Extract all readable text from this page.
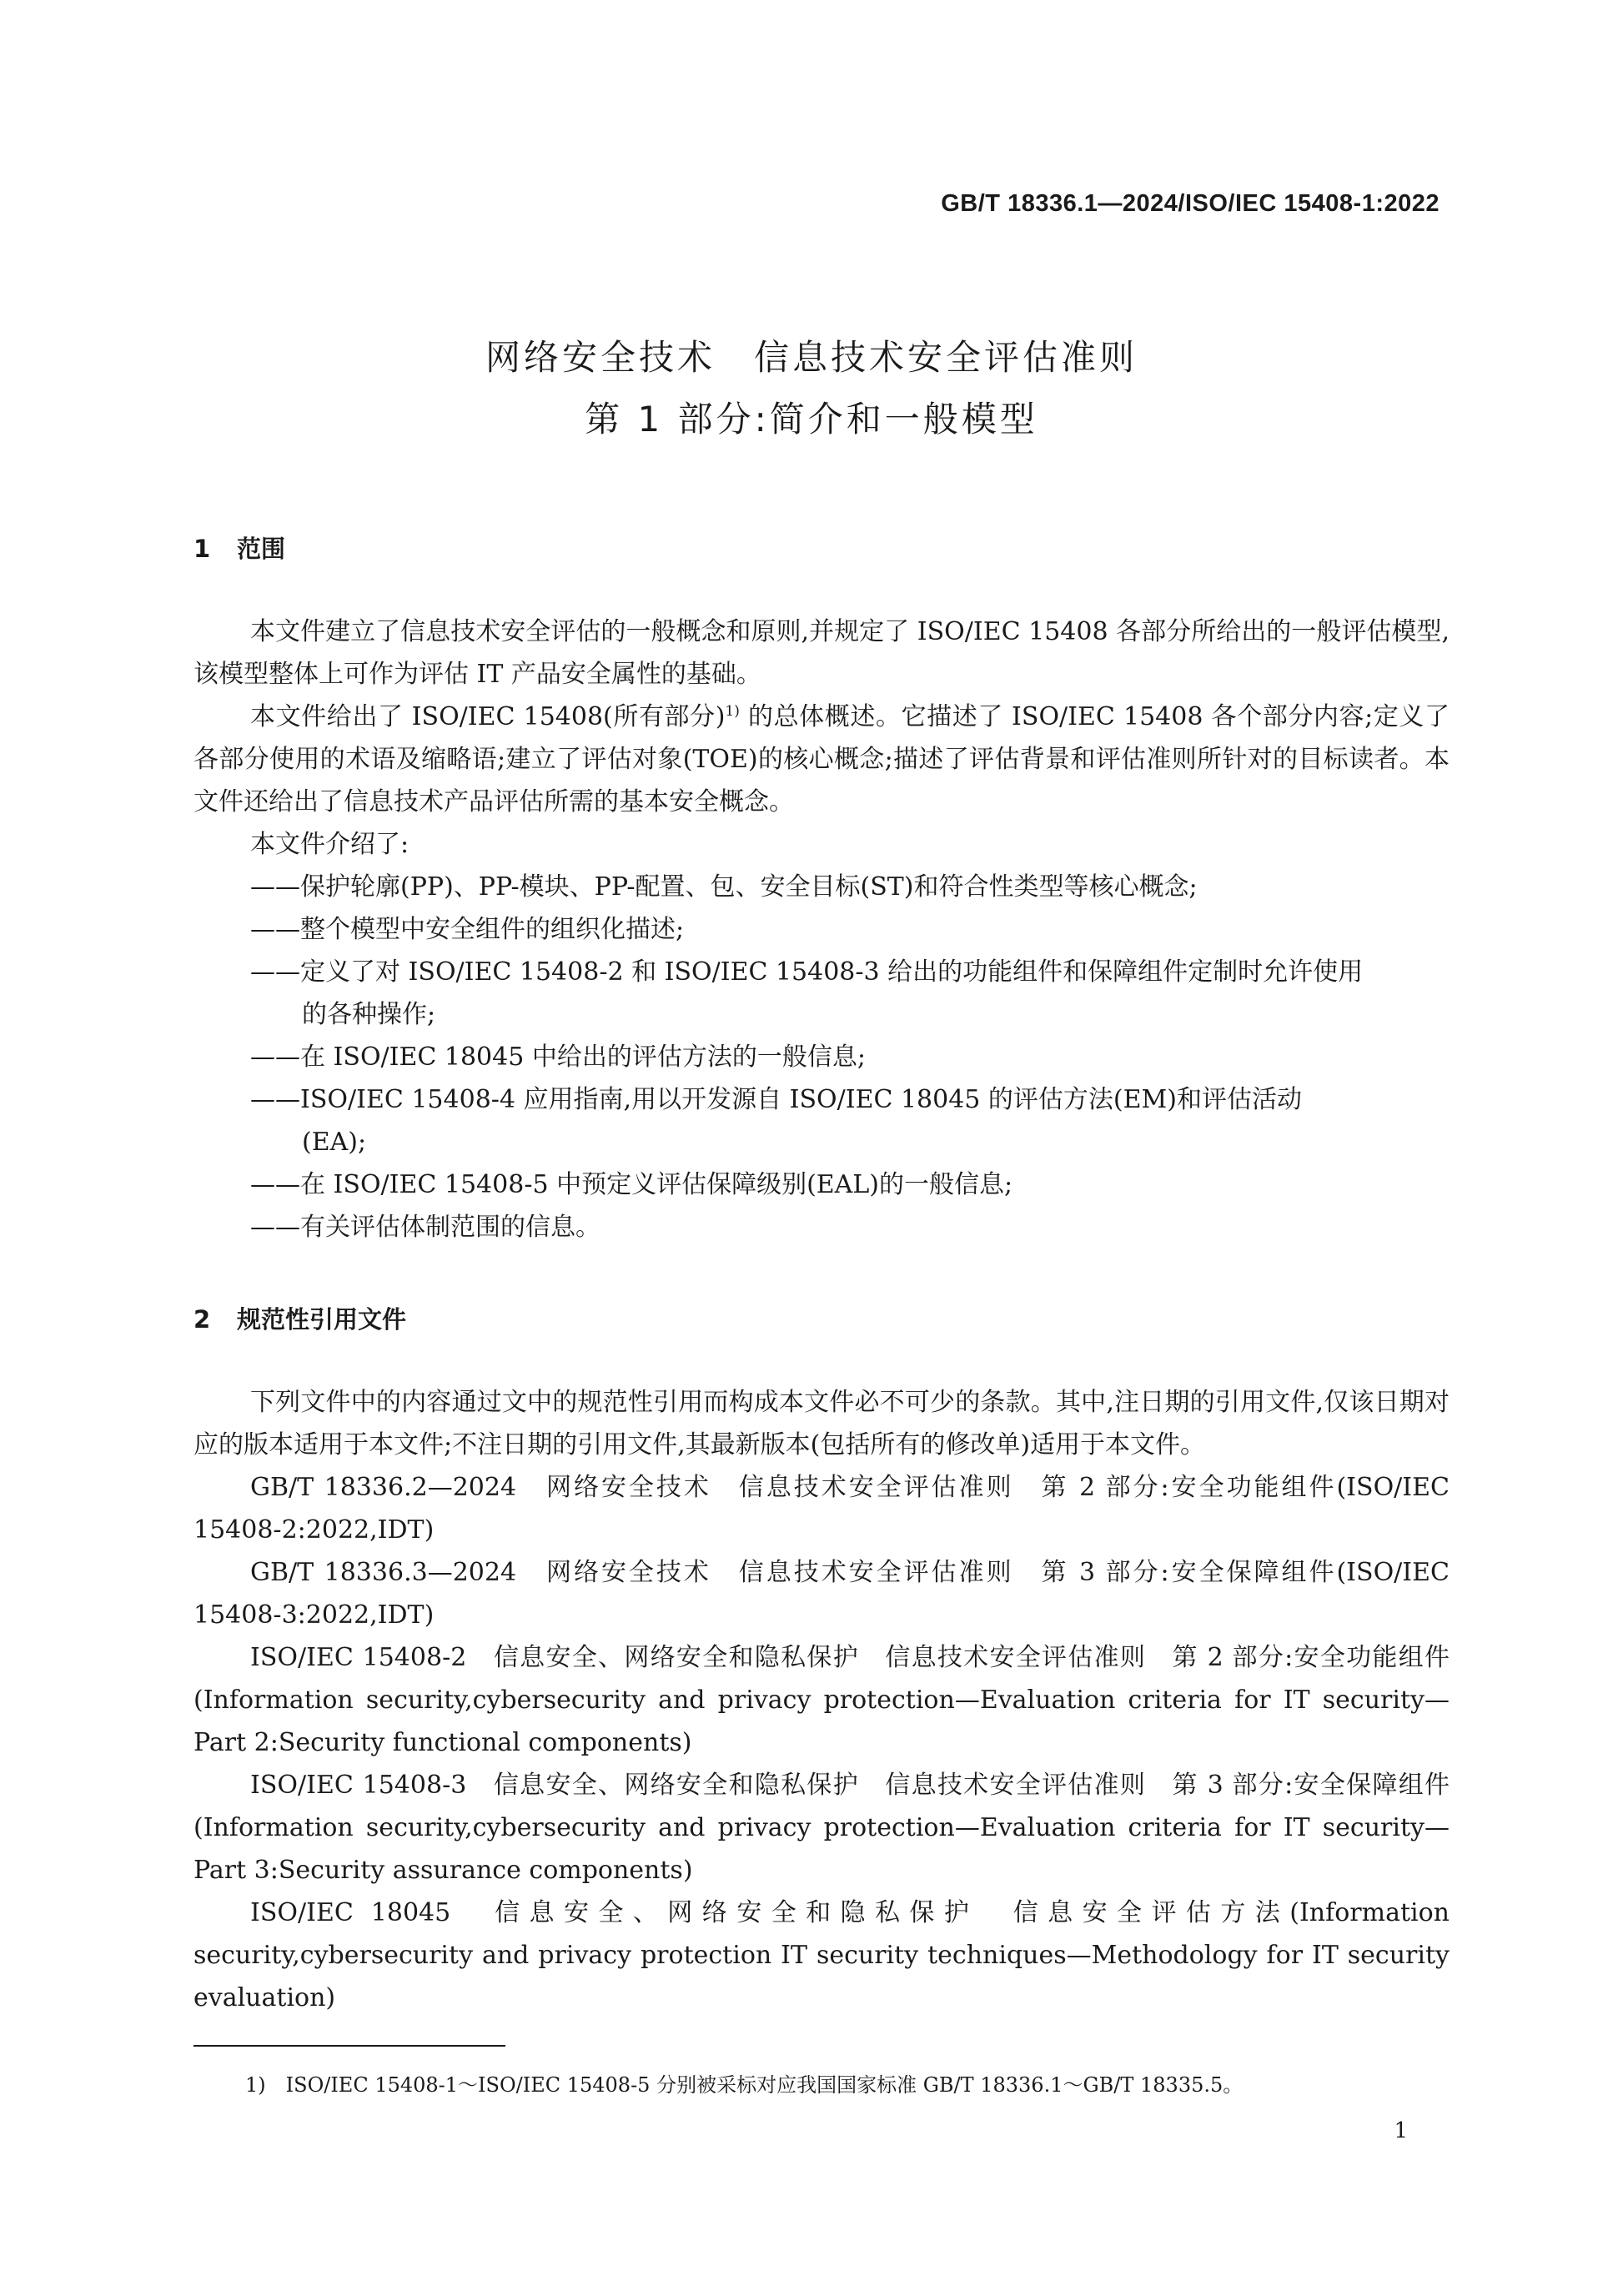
GB/T 18336.1—2024/ISO/IEC 15408-1:2022
网络安全技术　信息技术安全评估准则
第 1 部分:简介和一般模型
1 范围

本文件建立了信息技术安全评估的一般概念和原则,并规定了 ISO/IEC 15408 各部分所给出的一般评估模型,该模型整体上可作为评估 IT 产品安全属性的基础。

本文件给出了 ISO/IEC 15408(所有部分)$^{1)}$ 的总体概述。它描述了 ISO/IEC 15408 各个部分内容;定义了各部分使用的术语及缩略语;建立了评估对象(TOE)的核心概念;描述了评估背景和评估准则所针对的目标读者。本文件还给出了信息技术产品评估所需的基本安全概念。

本文件介绍了:

——保护轮廓(PP)、PP-模块、PP-配置、包、安全目标(ST)和符合性类型等核心概念;

——整个模型中安全组件的组织化描述;

——定义了对 ISO/IEC 15408-2 和 ISO/IEC 15408-3 给出的功能组件和保障组件定制时允许使用

的各种操作;

——在 ISO/IEC 18045 中给出的评估方法的一般信息;

——ISO/IEC 15408-4 应用指南,用以开发源自 ISO/IEC 18045 的评估方法(EM)和评估活动

(EA);

——在 ISO/IEC 15408-5 中预定义评估保障级别(EAL)的一般信息;

——有关评估体制范围的信息。

2 规范性引用文件

下列文件中的内容通过文中的规范性引用而构成本文件必不可少的条款。其中,注日期的引用文件,仅该日期对应的版本适用于本文件;不注日期的引用文件,其最新版本(包括所有的修改单)适用于本文件。

GB/T 18336.2—2024　网络安全技术　信息技术安全评估准则　第 2 部分:安全功能组件(ISO/IEC 15408-2:2022,IDT)

GB/T 18336.3—2024　网络安全技术　信息技术安全评估准则　第 3 部分:安全保障组件(ISO/IEC 15408-3:2022,IDT)

ISO/IEC 15408-2　信息安全、网络安全和隐私保护　信息技术安全评估准则　第 2 部分:安全功能组件(Information security,cybersecurity and privacy protection—Evaluation criteria for IT security—Part 2:Security functional components)

ISO/IEC 15408-3　信息安全、网络安全和隐私保护　信息技术安全评估准则　第 3 部分:安全保障组件(Information security,cybersecurity and privacy protection—Evaluation criteria for IT security—Part 3:Security assurance components)

ISO/IEC 18045　信息安全、网络安全和隐私保护　信息安全评估方法(Information security,cybersecurity and privacy protection IT security techniques—Methodology for IT security evaluation)

1) ISO/IEC 15408-1～ISO/IEC 15408-5 分别被采标对应我国国家标准 GB/T 18336.1～GB/T 18335.5。
1
